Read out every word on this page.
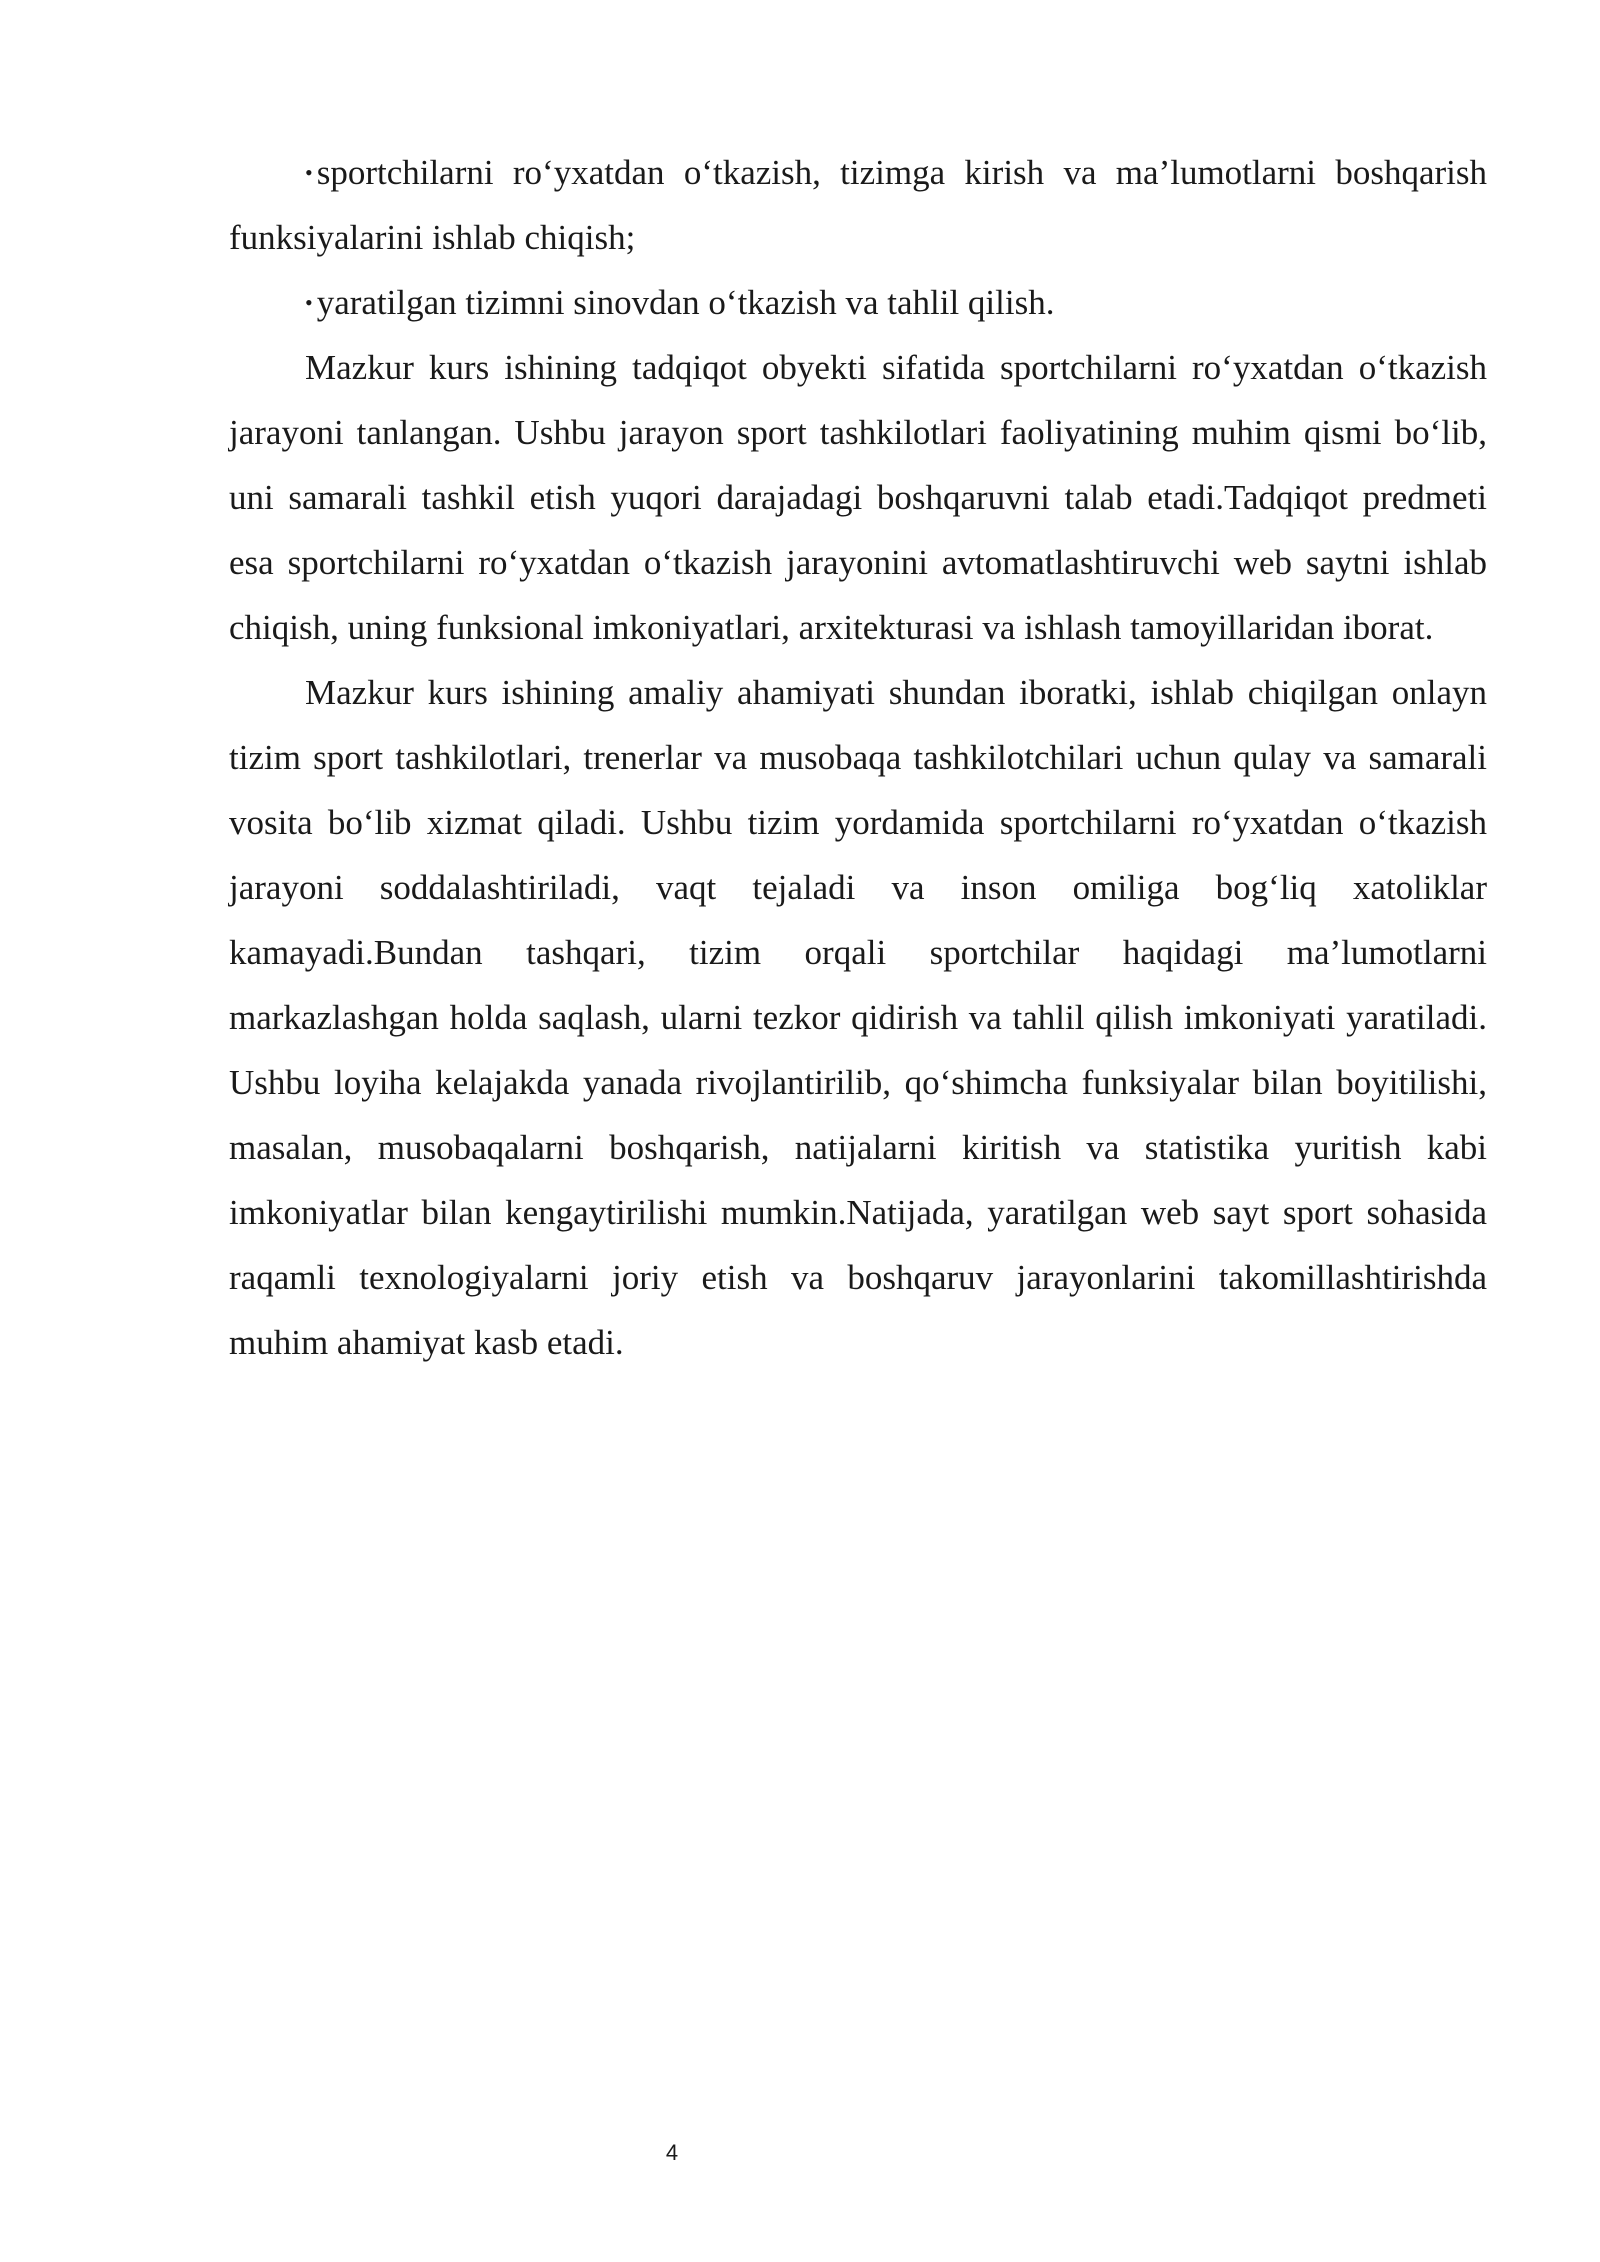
• sportchilarni ro‘yxatdan o‘tkazish, tizimga kirish va ma’lumotlarni boshqarish funksiyalarini ishlab chiqish;

• yaratilgan tizimni sinovdan o‘tkazish va tahlil qilish.

Mazkur kurs ishining tadqiqot obyekti sifatida sportchilarni ro‘yxatdan o‘tkazish jarayoni tanlangan. Ushbu jarayon sport tashkilotlari faoliyatining muhim qismi bo‘lib, uni samarali tashkil etish yuqori darajadagi boshqaruvni talab etadi.Tadqiqot predmeti esa sportchilarni ro‘yxatdan o‘tkazish jarayonini avtomatlashtiruvchi web saytni ishlab chiqish, uning funksional imkoniyatlari, arxitekturasi va ishlash tamoyillaridan iborat.

Mazkur kurs ishining amaliy ahamiyati shundan iboratki, ishlab chiqilgan onlayn tizim sport tashkilotlari, trenerlar va musobaqa tashkilotchilari uchun qulay va samarali vosita bo‘lib xizmat qiladi. Ushbu tizim yordamida sportchilarni ro‘yxatdan o‘tkazish jarayoni soddalashtiriladi, vaqt tejaladi va inson omiliga bog‘liq xatoliklar kamayadi.Bundan tashqari, tizim orqali sportchilar haqidagi ma’lumotlarni markazlashgan holda saqlash, ularni tezkor qidirish va tahlil qilish imkoniyati yaratiladi. Ushbu loyiha kelajakda yanada rivojlantirilib, qo‘shimcha funksiyalar bilan boyitilishi, masalan, musobaqalarni boshqarish, natijalarni kiritish va statistika yuritish kabi imkoniyatlar bilan kengaytirilishi mumkin.Natijada, yaratilgan web sayt sport sohasida raqamli texnologiyalarni joriy etish va boshqaruv jarayonlarini takomillashtirishda muhim ahamiyat kasb etadi.

4
